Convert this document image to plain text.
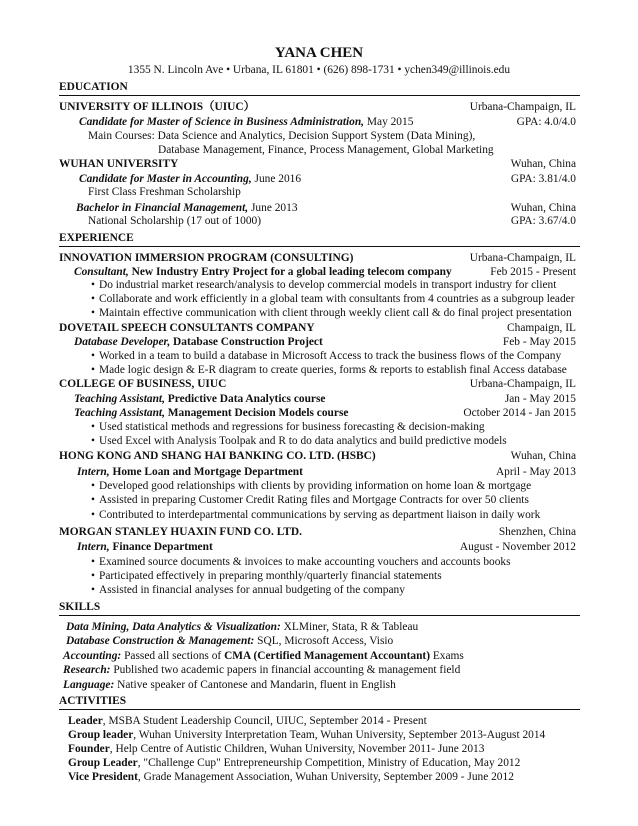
YANA CHEN
1355 N. Lincoln Ave • Urbana, IL 61801 • (626) 898-1731 • ychen349@illinois.edu
EDUCATION
UNIVERSITY OF ILLINOIS（UIUC）	Urbana-Champaign, IL
Candidate for Master of Science in Business Administration, May 2015	GPA: 4.0/4.0
Main Courses: Data Science and Analytics, Decision Support System (Data Mining),
Database Management, Finance, Process Management, Global Marketing
WUHAN UNIVERSITY	Wuhan, China
Candidate for Master in Accounting, June 2016	GPA: 3.81/4.0
First Class Freshman Scholarship
Bachelor in Financial Management, June 2013	Wuhan, China
National Scholarship (17 out of 1000)	GPA: 3.67/4.0
EXPERIENCE
INNOVATION IMMERSION PROGRAM (CONSULTING)	Urbana-Champaign, IL
Consultant, New Industry Entry Project for a global leading telecom company	Feb 2015 - Present
• Do industrial market research/analysis to develop commercial models in transport industry for client
• Collaborate and work efficiently in a global team with consultants from 4 countries as a subgroup leader
• Maintain effective communication with client through weekly client call & do final project presentation
DOVETAIL SPEECH CONSULTANTS COMPANY	Champaign, IL
Database Developer, Database Construction Project	Feb - May 2015
• Worked in a team to build a database in Microsoft Access to track the business flows of the Company
• Made logic design & E-R diagram to create queries, forms & reports to establish final Access database
COLLEGE OF BUSINESS, UIUC	Urbana-Champaign, IL
Teaching Assistant, Predictive Data Analytics course	Jan - May 2015
Teaching Assistant, Management Decision Models course	October 2014 - Jan 2015
• Used statistical methods and regressions for business forecasting & decision-making
• Used Excel with Analysis Toolpak and R to do data analytics and build predictive models
HONG KONG AND SHANG HAI BANKING CO. LTD. (HSBC)	Wuhan, China
Intern, Home Loan and Mortgage Department	April - May 2013
• Developed good relationships with clients by providing information on home loan & mortgage
• Assisted in preparing Customer Credit Rating files and Mortgage Contracts for over 50 clients
• Contributed to interdepartmental communications by serving as department liaison in daily work
MORGAN STANLEY HUAXIN FUND CO. LTD.	Shenzhen, China
Intern, Finance Department	August - November 2012
• Examined source documents & invoices to make accounting vouchers and accounts books
• Participated effectively in preparing monthly/quarterly financial statements
• Assisted in financial analyses for annual budgeting of the company
SKILLS
Data Mining, Data Analytics & Visualization: XLMiner, Stata, R & Tableau
Database Construction & Management: SQL, Microsoft Access, Visio
Accounting: Passed all sections of CMA (Certified Management Accountant) Exams
Research: Published two academic papers in financial accounting & management field
Language: Native speaker of Cantonese and Mandarin, fluent in English
ACTIVITIES
Leader, MSBA Student Leadership Council, UIUC, September 2014 - Present
Group leader, Wuhan University Interpretation Team, Wuhan University, September 2013-August 2014
Founder, Help Centre of Autistic Children, Wuhan University, November 2011- June 2013
Group Leader, "Challenge Cup" Entrepreneurship Competition, Ministry of Education, May 2012
Vice President, Grade Management Association, Wuhan University, September 2009 - June 2012
